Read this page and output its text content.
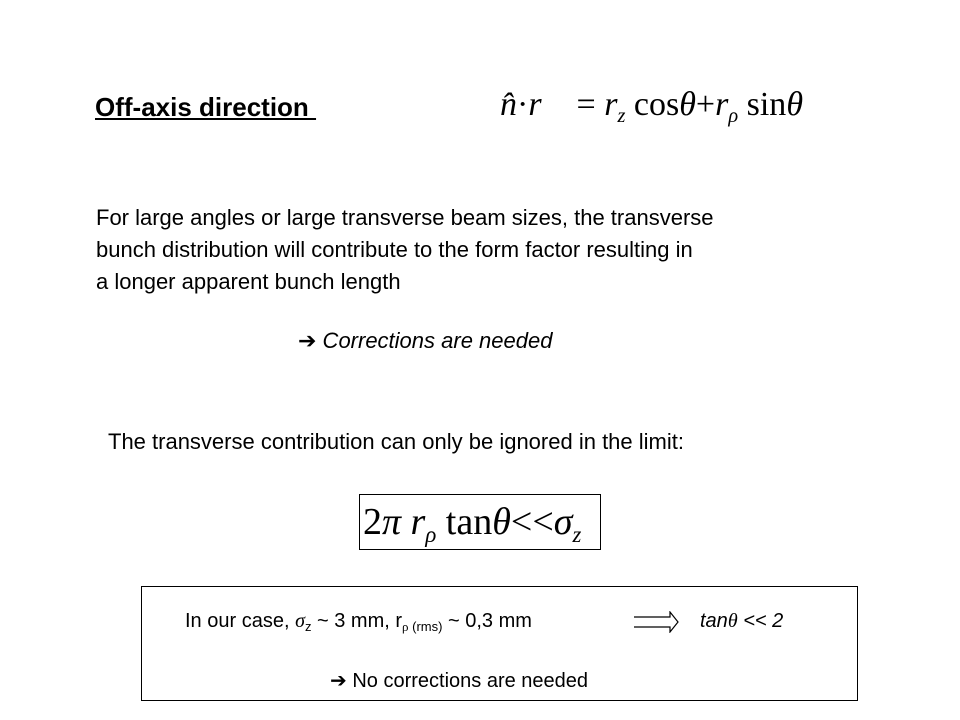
Off-axis direction	n̂·r⃗ = $r_z$ $\cos\theta+r_\rho$ sinθ
For large angles or large transverse beam sizes, the transverse
bunch distribution will contribute to the form factor resulting in
a longer apparent bunch length
➔ Corrections are needed
The transverse contribution can only be ignored in the limit:
2π $r_\rho$ $\tan\theta<<\sigma_z$
In our case, σz ~ 3 mm, rρ (rms) ~ 0,3 mm	tanθ << 2
➔ No corrections are needed
